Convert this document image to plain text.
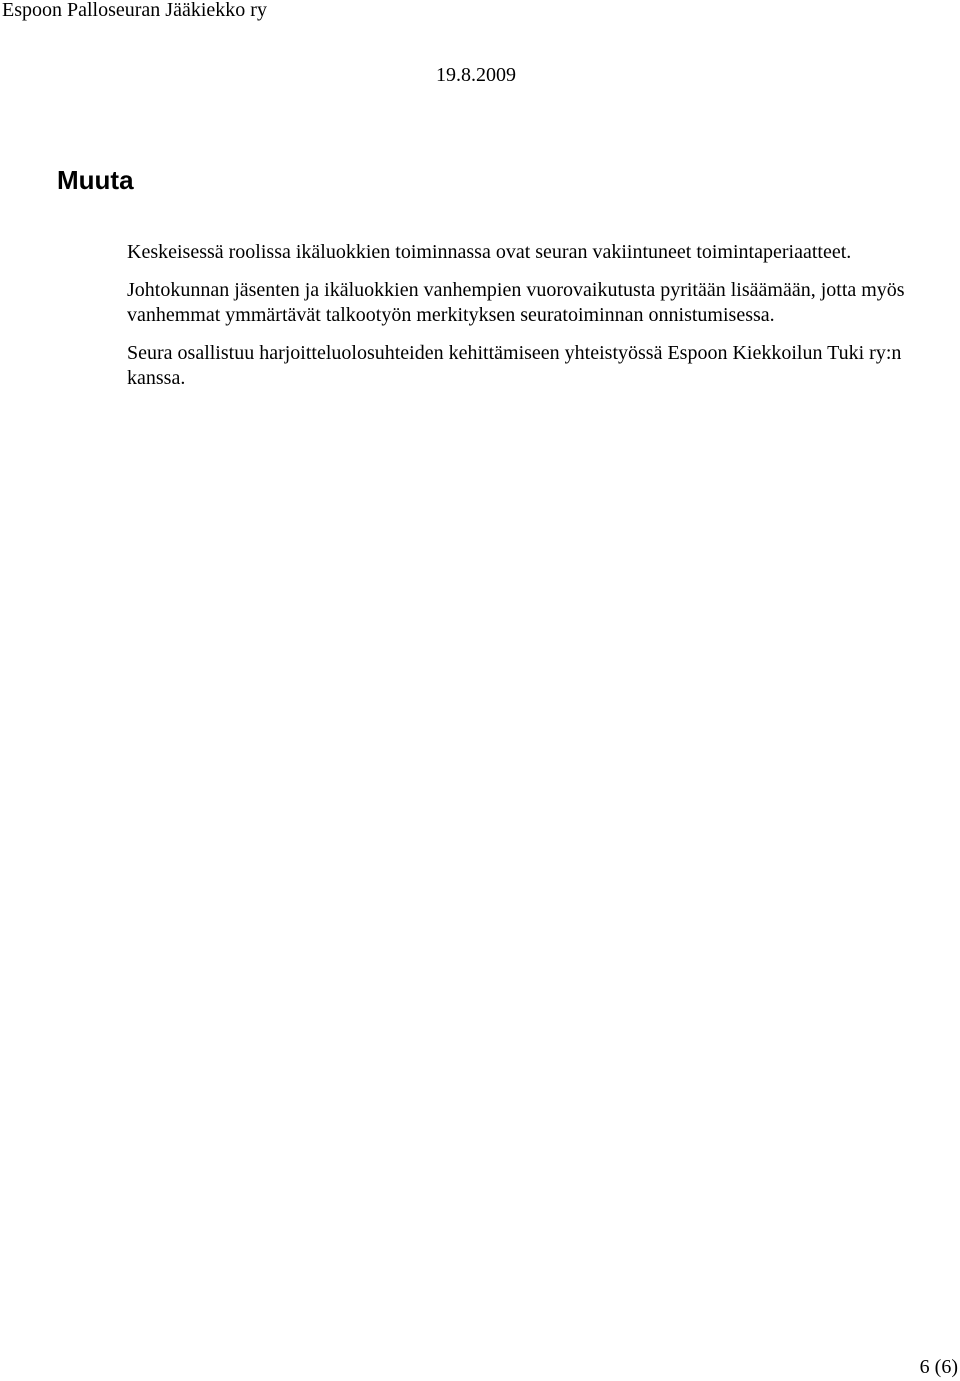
Espoon Palloseuran Jääkiekko ry
19.8.2009
Muuta

Keskeisessä roolissa ikäluokkien toiminnassa ovat seuran vakiintuneet toimintaperiaatteet.

Johtokunnan jäsenten ja ikäluokkien vanhempien vuorovaikutusta pyritään lisäämään, jotta myös vanhemmat ymmärtävät talkootyön merkityksen seuratoiminnan onnistumisessa.

Seura osallistuu harjoitteluolosuhteiden kehittämiseen yhteistyössä Espoon Kiekkoilun Tuki ry:n kanssa.

6 (6)
